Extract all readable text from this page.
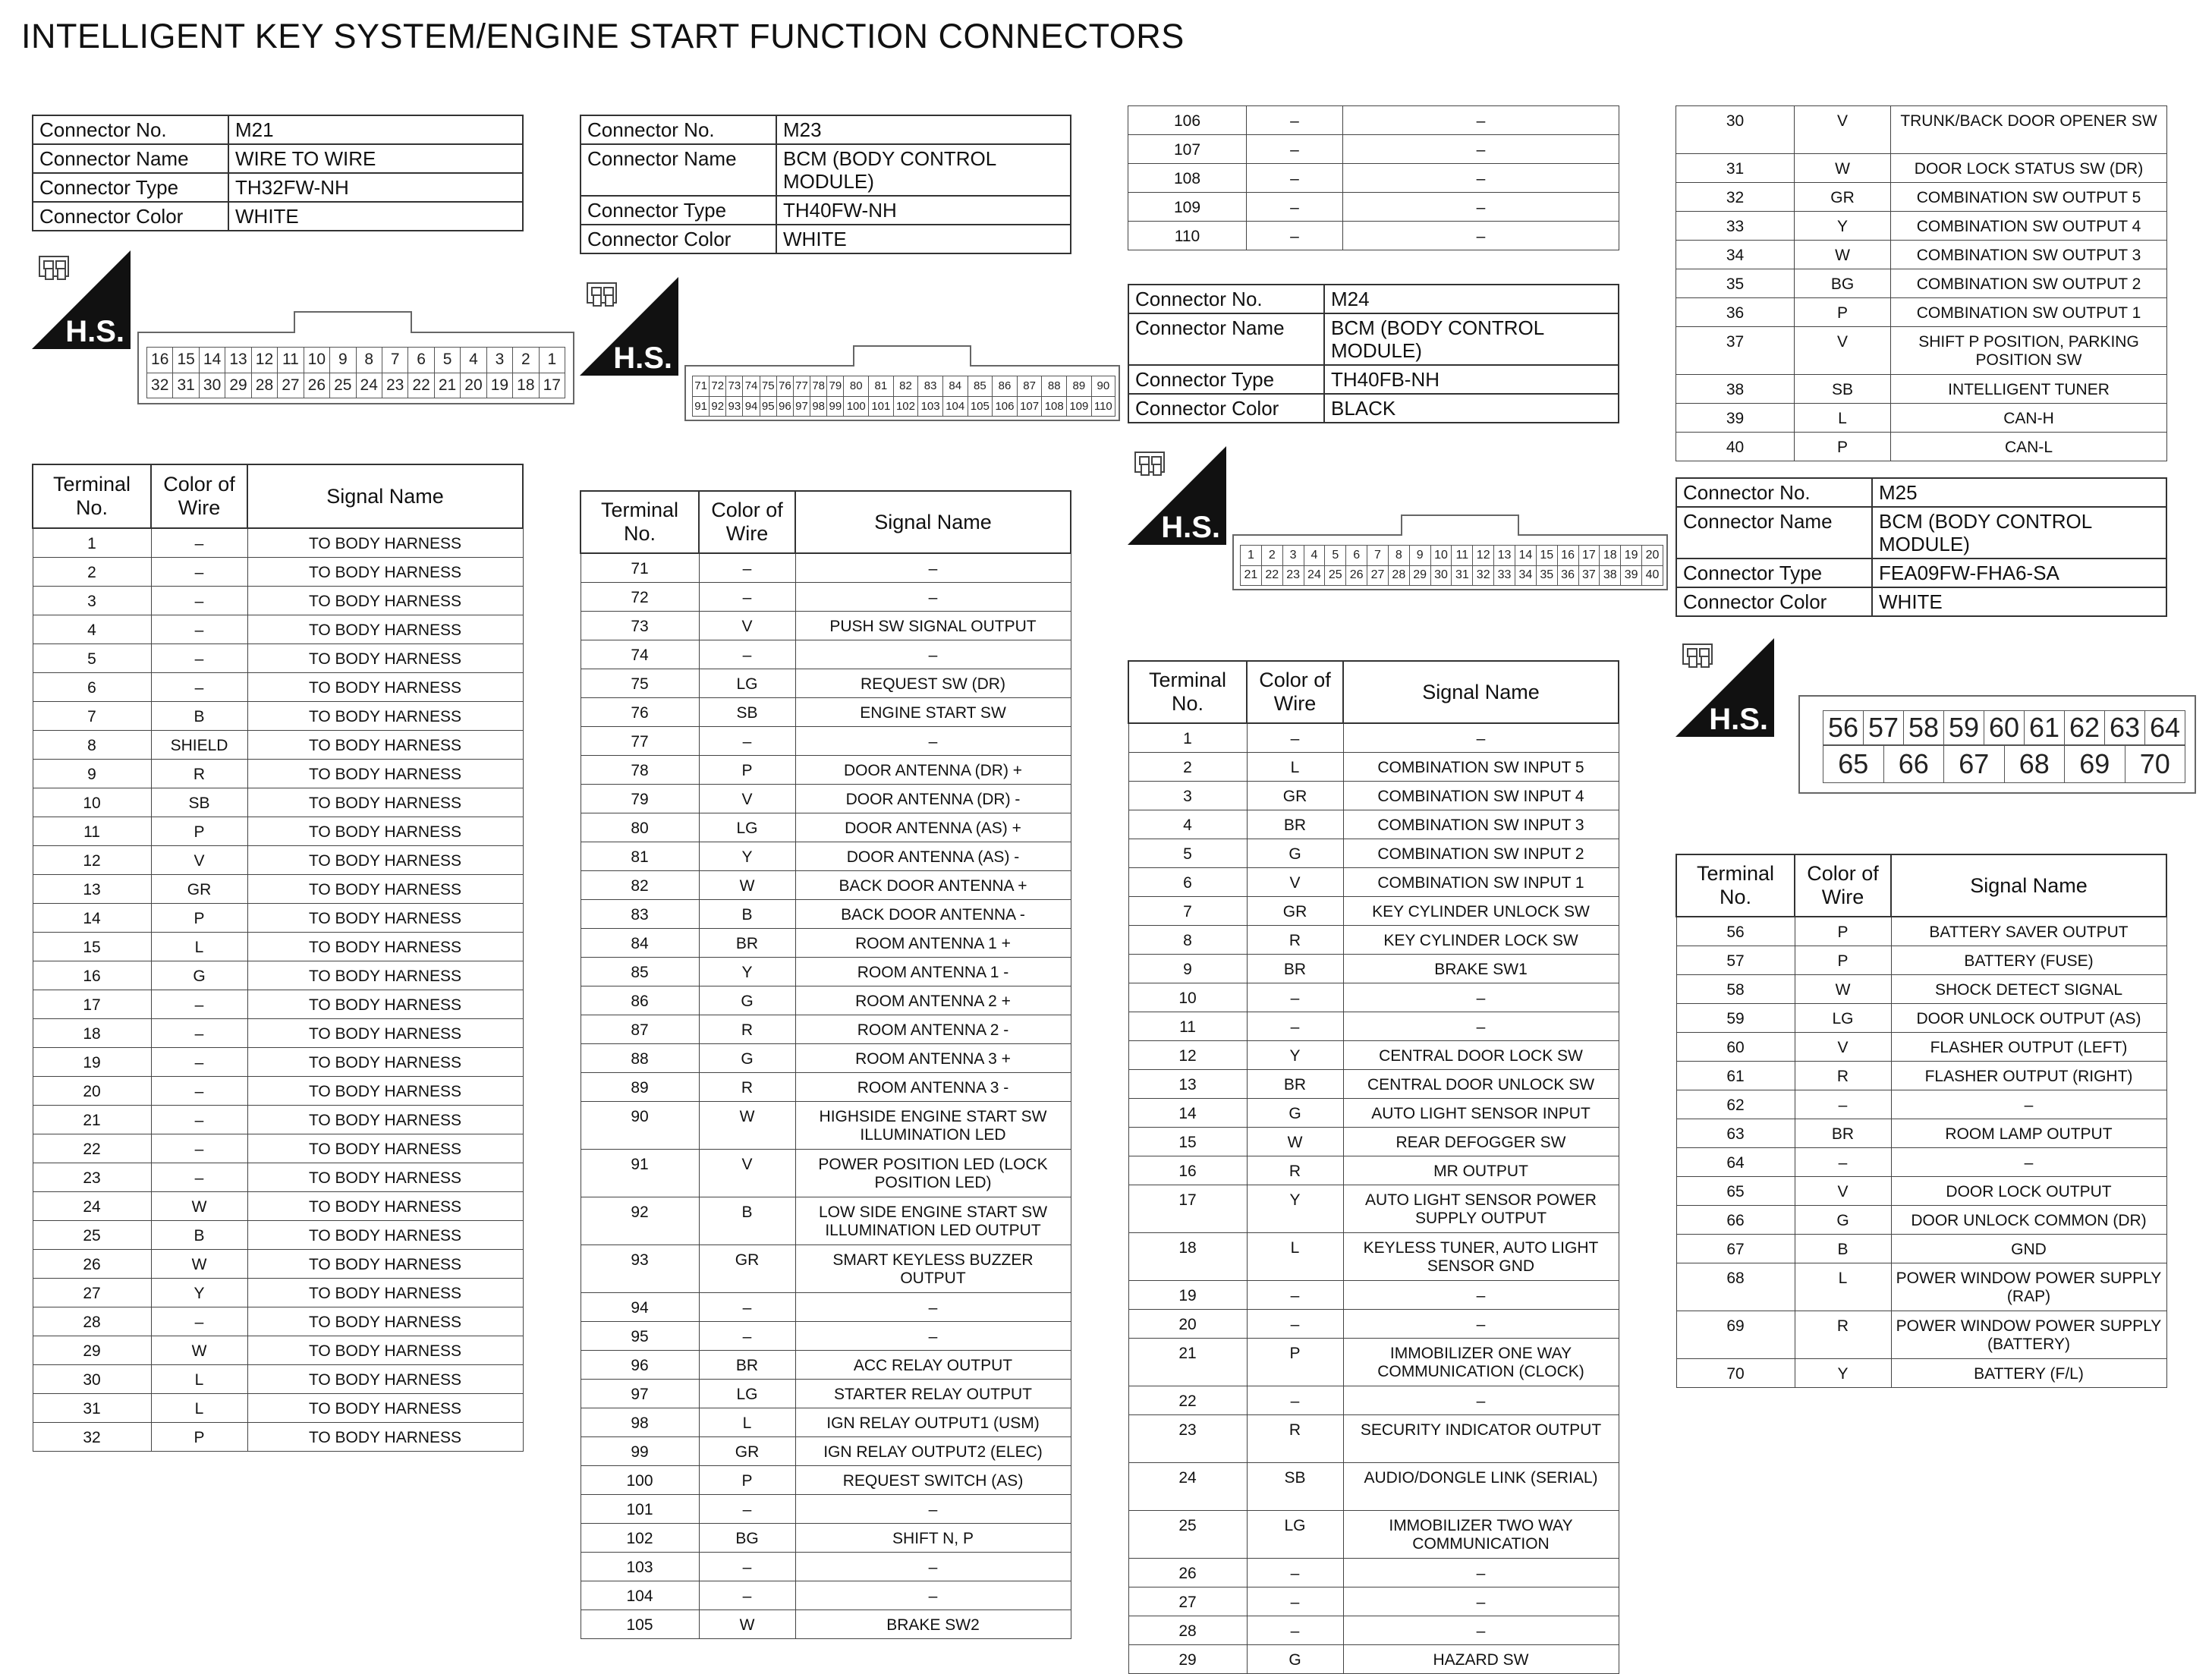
INTELLIGENT KEY SYSTEM/ENGINE START FUNCTION CONNECTORS
Connector No.	M21
Connector Name	WIRE TO WIRE
Connector Type	TH32FW-NH
Connector Color	WHITE
H.S.
16	15	14	13	12	11	10	9	8	7	6	5	4	3	2	1
32	31	30	29	28	27	26	25	24	23	22	21	20	19	18	17
Terminal No.	Color of Wire	Signal Name
1	–	TO BODY HARNESS
2	–	TO BODY HARNESS
3	–	TO BODY HARNESS
4	–	TO BODY HARNESS
5	–	TO BODY HARNESS
6	–	TO BODY HARNESS
7	B	TO BODY HARNESS
8	SHIELD	TO BODY HARNESS
9	R	TO BODY HARNESS
10	SB	TO BODY HARNESS
11	P	TO BODY HARNESS
12	V	TO BODY HARNESS
13	GR	TO BODY HARNESS
14	P	TO BODY HARNESS
15	L	TO BODY HARNESS
16	G	TO BODY HARNESS
17	–	TO BODY HARNESS
18	–	TO BODY HARNESS
19	–	TO BODY HARNESS
20	–	TO BODY HARNESS
21	–	TO BODY HARNESS
22	–	TO BODY HARNESS
23	–	TO BODY HARNESS
24	W	TO BODY HARNESS
25	B	TO BODY HARNESS
26	W	TO BODY HARNESS
27	Y	TO BODY HARNESS
28	–	TO BODY HARNESS
29	W	TO BODY HARNESS
30	L	TO BODY HARNESS
31	L	TO BODY HARNESS
32	P	TO BODY HARNESS
Connector No.	M23
Connector Name	BCM (BODY CONTROL MODULE)
Connector Type	TH40FW-NH
Connector Color	WHITE
H.S.
71	72	73	74	75	76	77	78	79	80	81	82	83	84	85	86	87	88	89	90
91	92	93	94	95	96	97	98	99	100	101	102	103	104	105	106	107	108	109	110
Terminal No.	Color of Wire	Signal Name
71	–	–
72	–	–
73	V	PUSH SW SIGNAL OUTPUT
74	–	–
75	LG	REQUEST SW (DR)
76	SB	ENGINE START SW
77	–	–
78	P	DOOR ANTENNA (DR) +
79	V	DOOR ANTENNA (DR) -
80	LG	DOOR ANTENNA (AS) +
81	Y	DOOR ANTENNA (AS) -
82	W	BACK DOOR ANTENNA +
83	B	BACK DOOR ANTENNA -
84	BR	ROOM ANTENNA 1 +
85	Y	ROOM ANTENNA 1 -
86	G	ROOM ANTENNA 2 +
87	R	ROOM ANTENNA 2 -
88	G	ROOM ANTENNA 3 +
89	R	ROOM ANTENNA 3 -
90	W	HIGHSIDE ENGINE START SW ILLUMINATION LED
91	V	POWER POSITION LED (LOCK POSITION LED)
92	B	LOW SIDE ENGINE START SW ILLUMINATION LED OUTPUT
93	GR	SMART KEYLESS BUZZER OUTPUT
94	–	–
95	–	–
96	BR	ACC RELAY OUTPUT
97	LG	STARTER RELAY OUTPUT
98	L	IGN RELAY OUTPUT1 (USM)
99	GR	IGN RELAY OUTPUT2 (ELEC)
100	P	REQUEST SWITCH (AS)
101	–	–
102	BG	SHIFT N, P
103	–	–
104	–	–
105	W	BRAKE SW2
106	–	–
107	–	–
108	–	–
109	–	–
110	–	–
Connector No.	M24
Connector Name	BCM (BODY CONTROL MODULE)
Connector Type	TH40FB-NH
Connector Color	BLACK
H.S.
1	2	3	4	5	6	7	8	9	10	11	12	13	14	15	16	17	18	19	20
21	22	23	24	25	26	27	28	29	30	31	32	33	34	35	36	37	38	39	40
Terminal No.	Color of Wire	Signal Name
1	–	–
2	L	COMBINATION SW INPUT 5
3	GR	COMBINATION SW INPUT 4
4	BR	COMBINATION SW INPUT 3
5	G	COMBINATION SW INPUT 2
6	V	COMBINATION SW INPUT 1
7	GR	KEY CYLINDER UNLOCK SW
8	R	KEY CYLINDER LOCK SW
9	BR	BRAKE SW1
10	–	–
11	–	–
12	Y	CENTRAL DOOR LOCK SW
13	BR	CENTRAL DOOR UNLOCK SW
14	G	AUTO LIGHT SENSOR INPUT
15	W	REAR DEFOGGER SW
16	R	MR OUTPUT
17	Y	AUTO LIGHT SENSOR POWER SUPPLY OUTPUT
18	L	KEYLESS TUNER, AUTO LIGHT SENSOR GND
19	–	–
20	–	–
21	P	IMMOBILIZER ONE WAY COMMUNICATION (CLOCK)
22	–	–
23	R	SECURITY INDICATOR OUTPUT
24	SB	AUDIO/DONGLE LINK (SERIAL)
25	LG	IMMOBILIZER TWO WAY COMMUNICATION
26	–	–
27	–	–
28	–	–
29	G	HAZARD SW
30	V	TRUNK/BACK DOOR OPENER SW
31	W	DOOR LOCK STATUS SW (DR)
32	GR	COMBINATION SW OUTPUT 5
33	Y	COMBINATION SW OUTPUT 4
34	W	COMBINATION SW OUTPUT 3
35	BG	COMBINATION SW OUTPUT 2
36	P	COMBINATION SW OUTPUT 1
37	V	SHIFT P POSITION, PARKING POSITION SW
38	SB	INTELLIGENT TUNER
39	L	CAN-H
40	P	CAN-L
Connector No.	M25
Connector Name	BCM (BODY CONTROL MODULE)
Connector Type	FEA09FW-FHA6-SA
Connector Color	WHITE
H.S. 56	57	58	59	60	61	62	63	64
65	66	67	68	69	70
Terminal No.	Color of Wire	Signal Name
56	P	BATTERY SAVER OUTPUT
57	P	BATTERY (FUSE)
58	W	SHOCK DETECT SIGNAL
59	LG	DOOR UNLOCK OUTPUT (AS)
60	V	FLASHER OUTPUT (LEFT)
61	R	FLASHER OUTPUT (RIGHT)
62	–	–
63	BR	ROOM LAMP OUTPUT
64	–	–
65	V	DOOR LOCK OUTPUT
66	G	DOOR UNLOCK COMMON (DR)
67	B	GND
68	L	POWER WINDOW POWER SUPPLY (RAP)
69	R	POWER WINDOW POWER SUPPLY (BATTERY)
70	Y	BATTERY (F/L)
